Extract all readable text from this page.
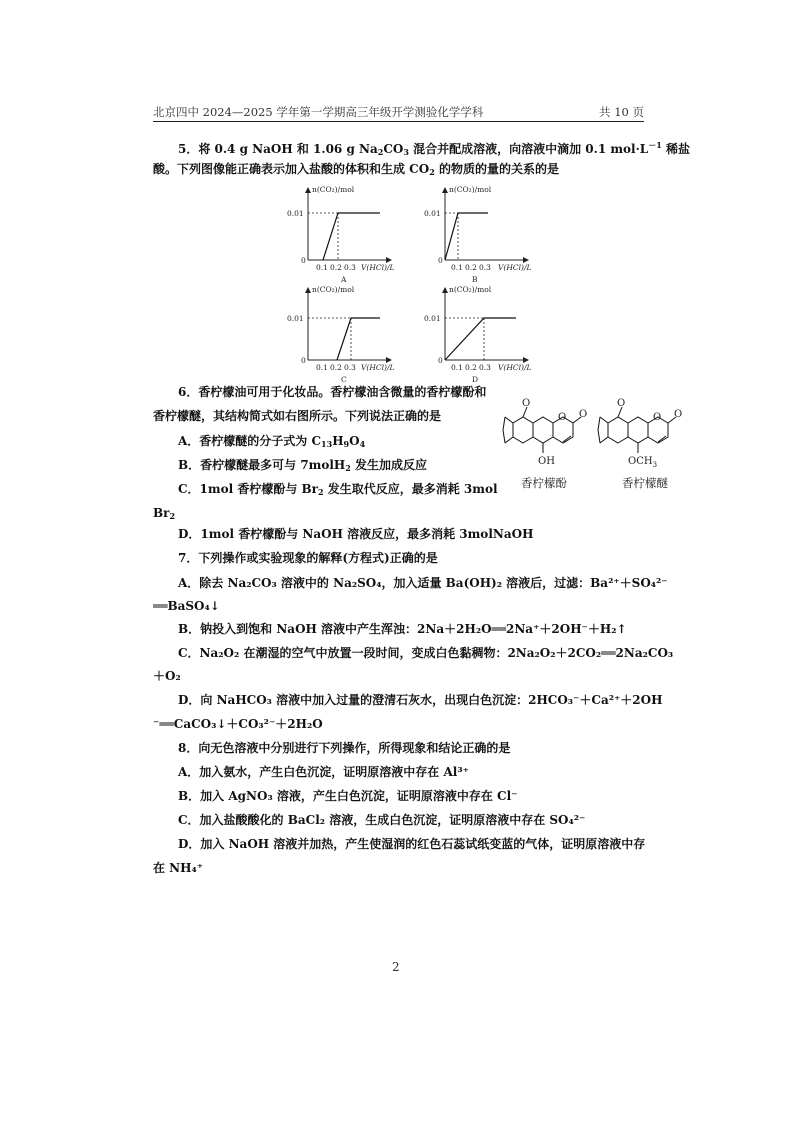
北京四中 2024—2025 学年第一学期高三年级开学测验化学学科	共 10 页
5．将 0.4 g NaOH 和 1.06 g $Na_2CO_3$ 混合并配成溶液，向溶液中滴加 0.1 $mol\cdot L^{-1}$ 稀盐
酸。下列图像能正确表示加入盐酸的体积和生成 $CO_2$ 的物质的量的关系的是
n(CO₂)/mol
0.01
0
0.1 0.2 0.3 V(HCl)/L
A
n(CO₂)/mol
0.01
0
0.1 0.2 0.3 V(HCl)/L
B
n(CO₂)/mol
0.01
0
0.1 0.2 0.3 V(HCl)/L
C
n(CO₂)/mol
0.01
0
0.1 0.2 0.3 V(HCl)/L
D
6．香柠檬油可用于化妆品。香柠檬油含微量的香柠檬酚和
香柠檬醚，其结构简式如右图所示。下列说法正确的是
A．香柠檬醚的分子式为 $C_{13}H_9O_4$
B．香柠檬醚最多可与 7molH$_2$ 发生加成反应
C．1mol 香柠檬酚与 $Br_2$ 发生取代反应，最多消耗 3mol
$Br_2$
D．1mol 香柠檬酚与 NaOH 溶液反应，最多消耗 3molNaOH
O
O O
OH
O
O O
$OCH_3$
香柠檬酚	香柠檬醚
7．下列操作或实验现象的解释(方程式)正确的是
A．除去 Na₂CO₃ 溶液中的 Na₂SO₄，加入适量 Ba(OH)₂ 溶液后，过滤：Ba²⁺＋SO₄²⁻
══BaSO₄↓
B．钠投入到饱和 NaOH 溶液中产生浑浊：2Na＋2H₂O══2Na⁺＋2OH⁻＋H₂↑
C．Na₂O₂ 在潮湿的空气中放置一段时间，变成白色黏稠物：2Na₂O₂＋2CO₂══2Na₂CO₃
＋O₂
D．向 NaHCO₃ 溶液中加入过量的澄清石灰水，出现白色沉淀：2HCO₃⁻＋Ca²⁺＋2OH
⁻══CaCO₃↓＋CO₃²⁻＋2H₂O
8．向无色溶液中分别进行下列操作，所得现象和结论正确的是
A．加入氨水，产生白色沉淀，证明原溶液中存在 Al³⁺
B．加入 AgNO₃ 溶液，产生白色沉淀，证明原溶液中存在 Cl⁻
C．加入盐酸酸化的 BaCl₂ 溶液，生成白色沉淀，证明原溶液中存在 SO₄²⁻
D．加入 NaOH 溶液并加热，产生使湿润的红色石蕊试纸变蓝的气体，证明原溶液中存
在 NH₄⁺
2
